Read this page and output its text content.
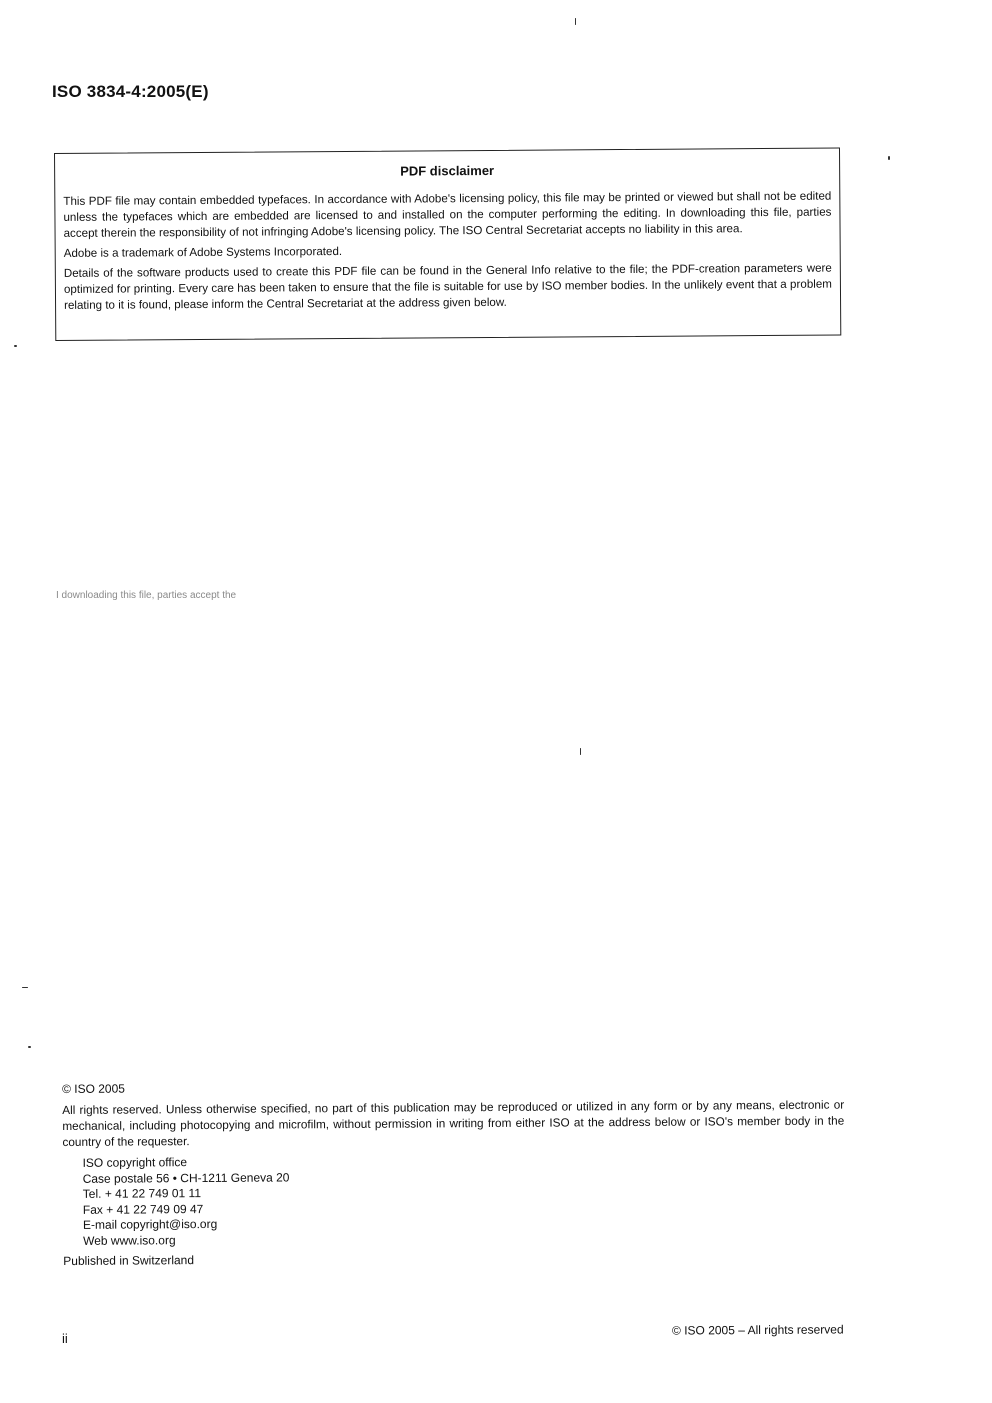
ISO 3834-4:2005(E)
PDF disclaimer

This PDF file may contain embedded typefaces. In accordance with Adobe's licensing policy, this file may be printed or viewed but shall not be edited unless the typefaces which are embedded are licensed to and installed on the computer performing the editing. In downloading this file, parties accept therein the responsibility of not infringing Adobe's licensing policy. The ISO Central Secretariat accepts no liability in this area.

Adobe is a trademark of Adobe Systems Incorporated.

Details of the software products used to create this PDF file can be found in the General Info relative to the file; the PDF-creation parameters were optimized for printing. Every care has been taken to ensure that the file is suitable for use by ISO member bodies. In the unlikely event that a problem relating to it is found, please inform the Central Secretariat at the address given below.

I downloading this file, parties accept the
© ISO 2005

All rights reserved. Unless otherwise specified, no part of this publication may be reproduced or utilized in any form or by any means, electronic or mechanical, including photocopying and microfilm, without permission in writing from either ISO at the address below or ISO's member body in the country of the requester.

ISO copyright office
Case postale 56 • CH-1211 Geneva 20
Tel. + 41 22 749 01 11
Fax + 41 22 749 09 47
E-mail copyright@iso.org
Web www.iso.org
Published in Switzerland
ii
© ISO 2005 – All rights reserved
